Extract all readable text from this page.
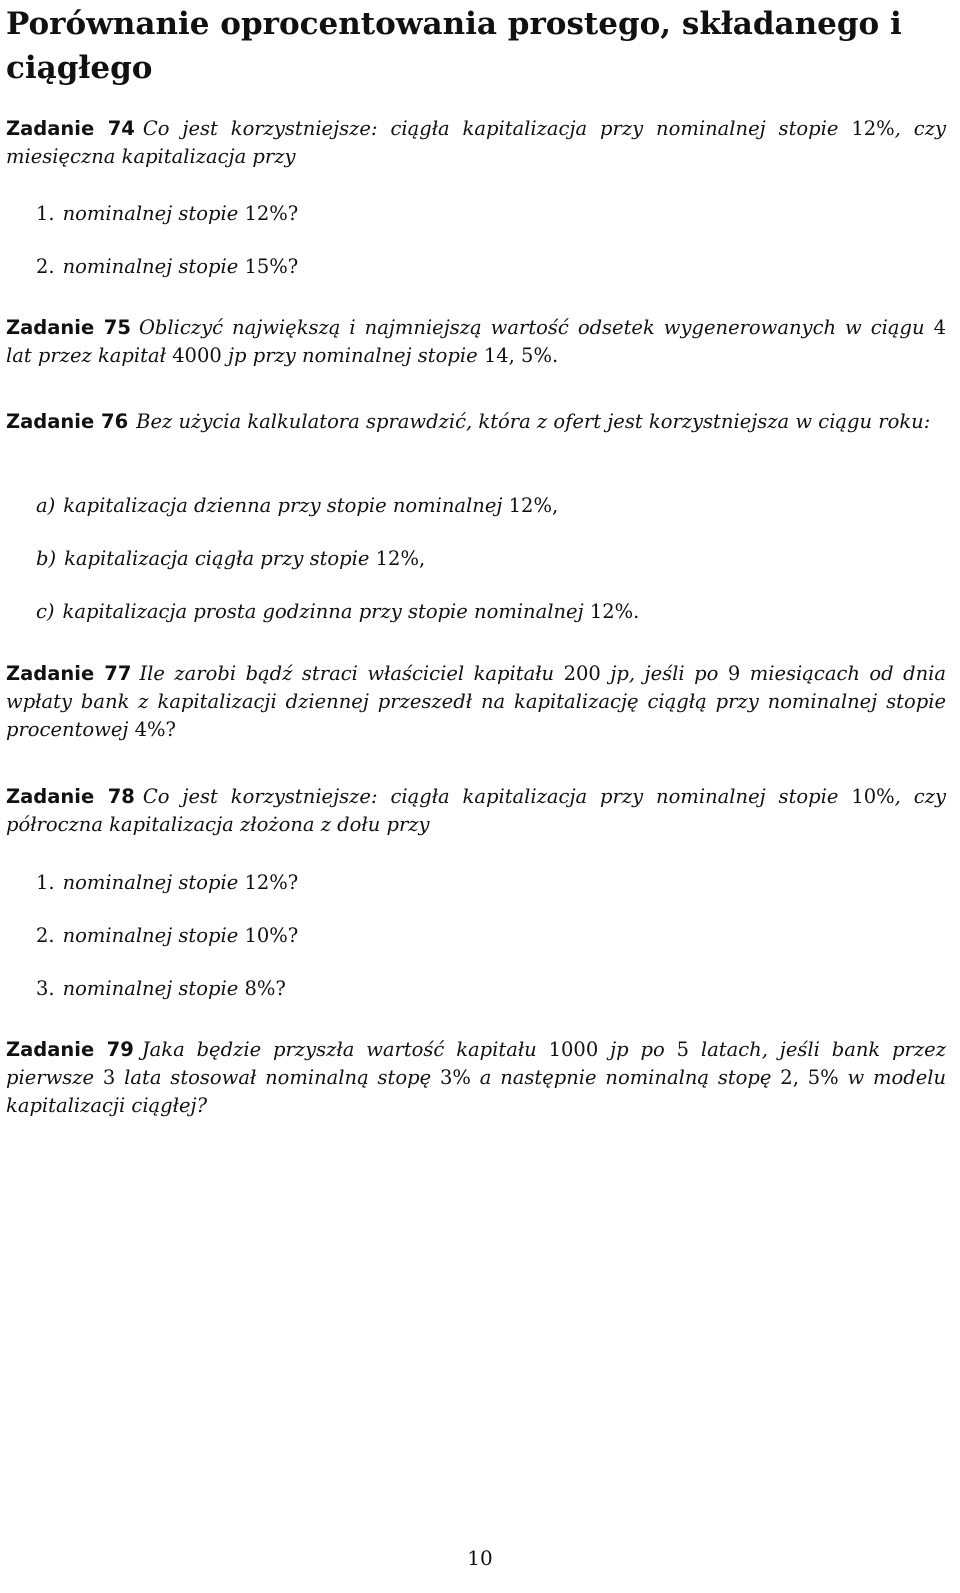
Porównanie oprocentowania prostego, składanego i ciągłego
Zadanie 74 Co jest korzystniejsze: ciągła kapitalizacja przy nominalnej stopie 12%, czy miesięczna kapitalizacja przy
1. nominalnej stopie 12%?
2. nominalnej stopie 15%?
Zadanie 75 Obliczyć największą i najmniejszą wartość odsetek wygenerowanych w ciągu 4 lat przez kapitał 4000 jp przy nominalnej stopie 14, 5%.
Zadanie 76 Bez użycia kalkulatora sprawdzić, która z ofert jest korzystniejsza w ciągu roku:
a) kapitalizacja dzienna przy stopie nominalnej 12%,
b) kapitalizacja ciągła przy stopie 12%,
c) kapitalizacja prosta godzinna przy stopie nominalnej 12%.
Zadanie 77 Ile zarobi bądź straci właściciel kapitału 200 jp, jeśli po 9 miesiącach od dnia wpłaty bank z kapitalizacji dziennej przeszedł na kapitalizację ciągłą przy nominalnej stopie procentowej 4%?
Zadanie 78 Co jest korzystniejsze: ciągła kapitalizacja przy nominalnej stopie 10%, czy półroczna kapitalizacja złożona z dołu przy
1. nominalnej stopie 12%?
2. nominalnej stopie 10%?
3. nominalnej stopie 8%?
Zadanie 79 Jaka będzie przyszła wartość kapitału 1000 jp po 5 latach, jeśli bank przez pierwsze 3 lata stosował nominalną stopę 3% a następnie nominalną stopę 2, 5% w modelu kapitalizacji ciągłej?
10
